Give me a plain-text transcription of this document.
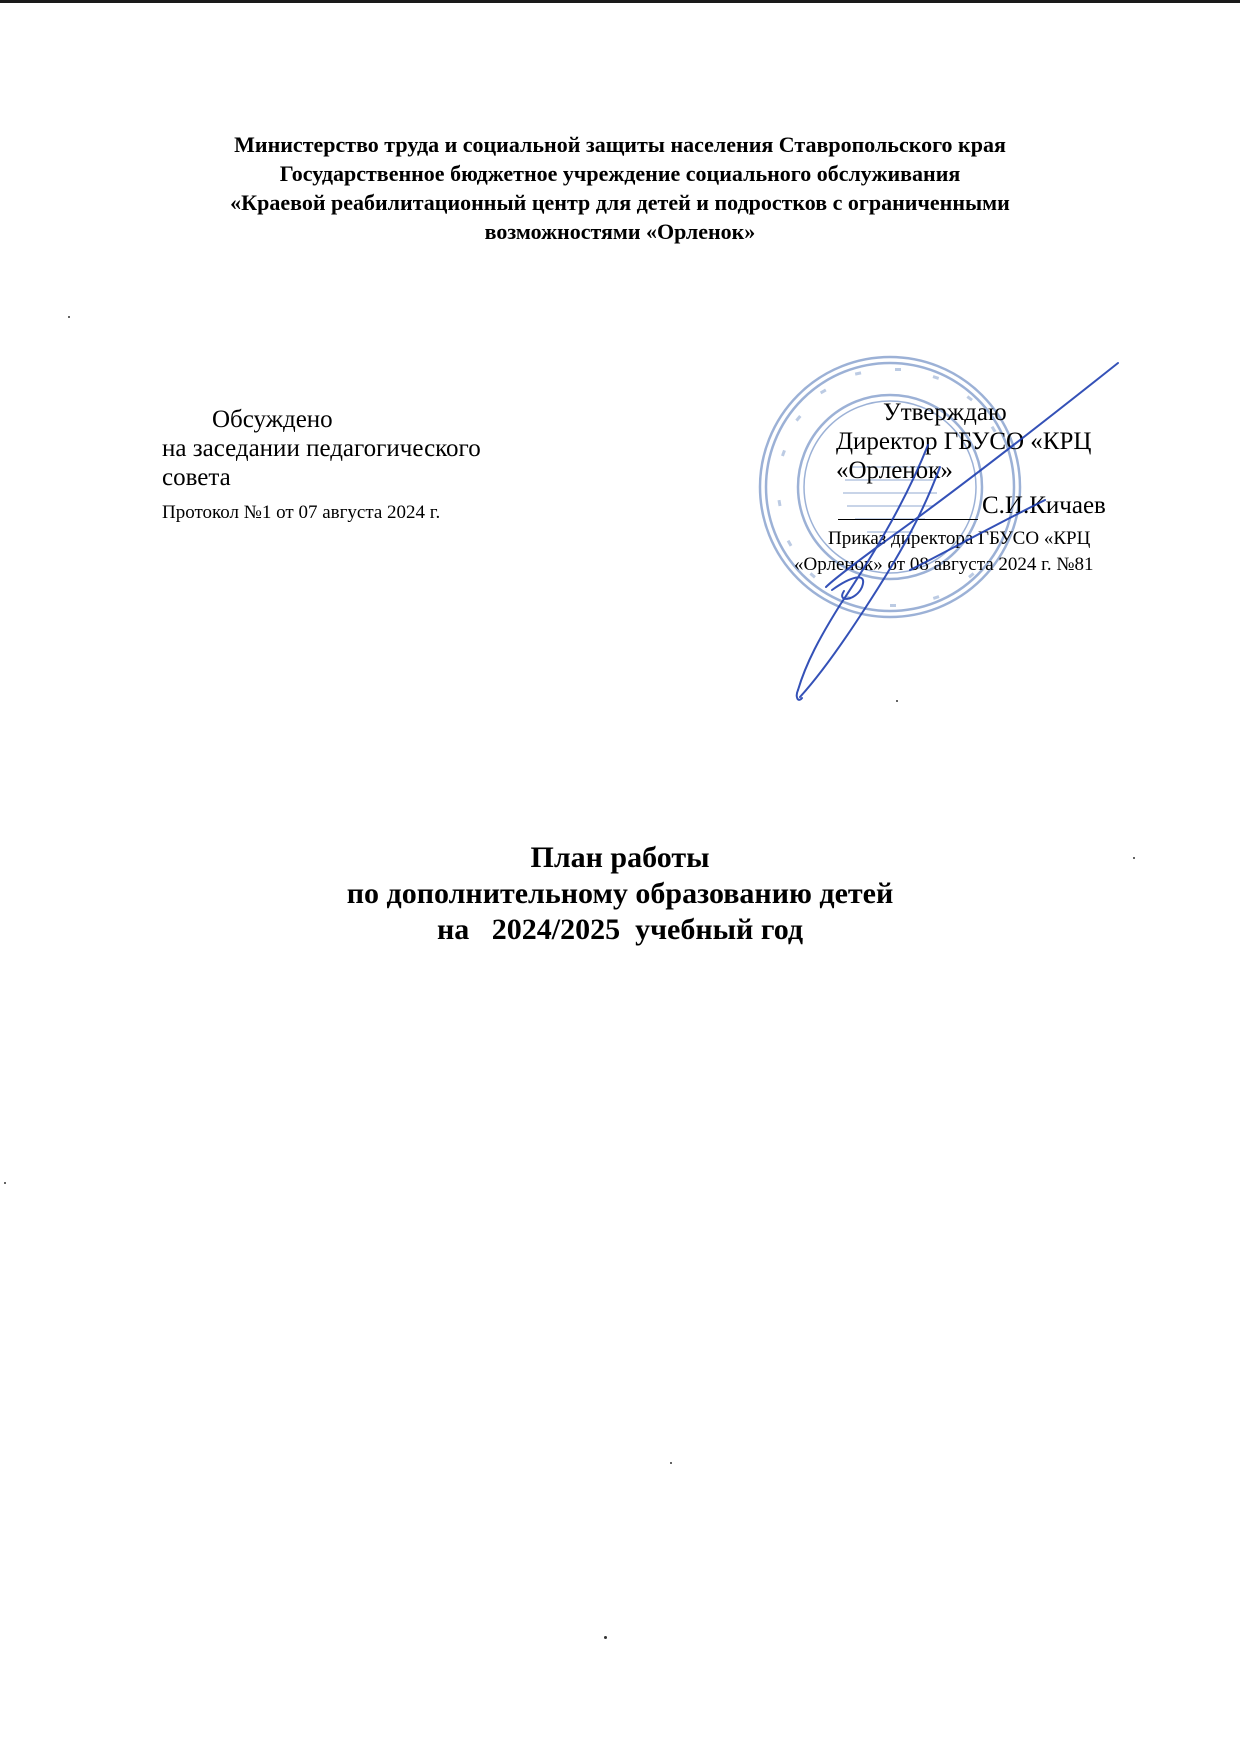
Министерство труда и социальной защиты населения Ставропольского края
Государственное бюджетное учреждение социального обслуживания
«Краевой реабилитационный центр для детей и подростков с ограниченными
возможностями «Орленок»
Обсуждено
на заседании педагогического
совета
Протокол №1 от 07 августа 2024 г.
Утверждаю
Директор ГБУСО «КРЦ
«Орленок»
С.И.Кичаев
Приказ директора ГБУСО «КРЦ
«Орленок» от 08 августа 2024 г. №81
План работы
по дополнительному образованию детей
на   2024/2025  учебный год
